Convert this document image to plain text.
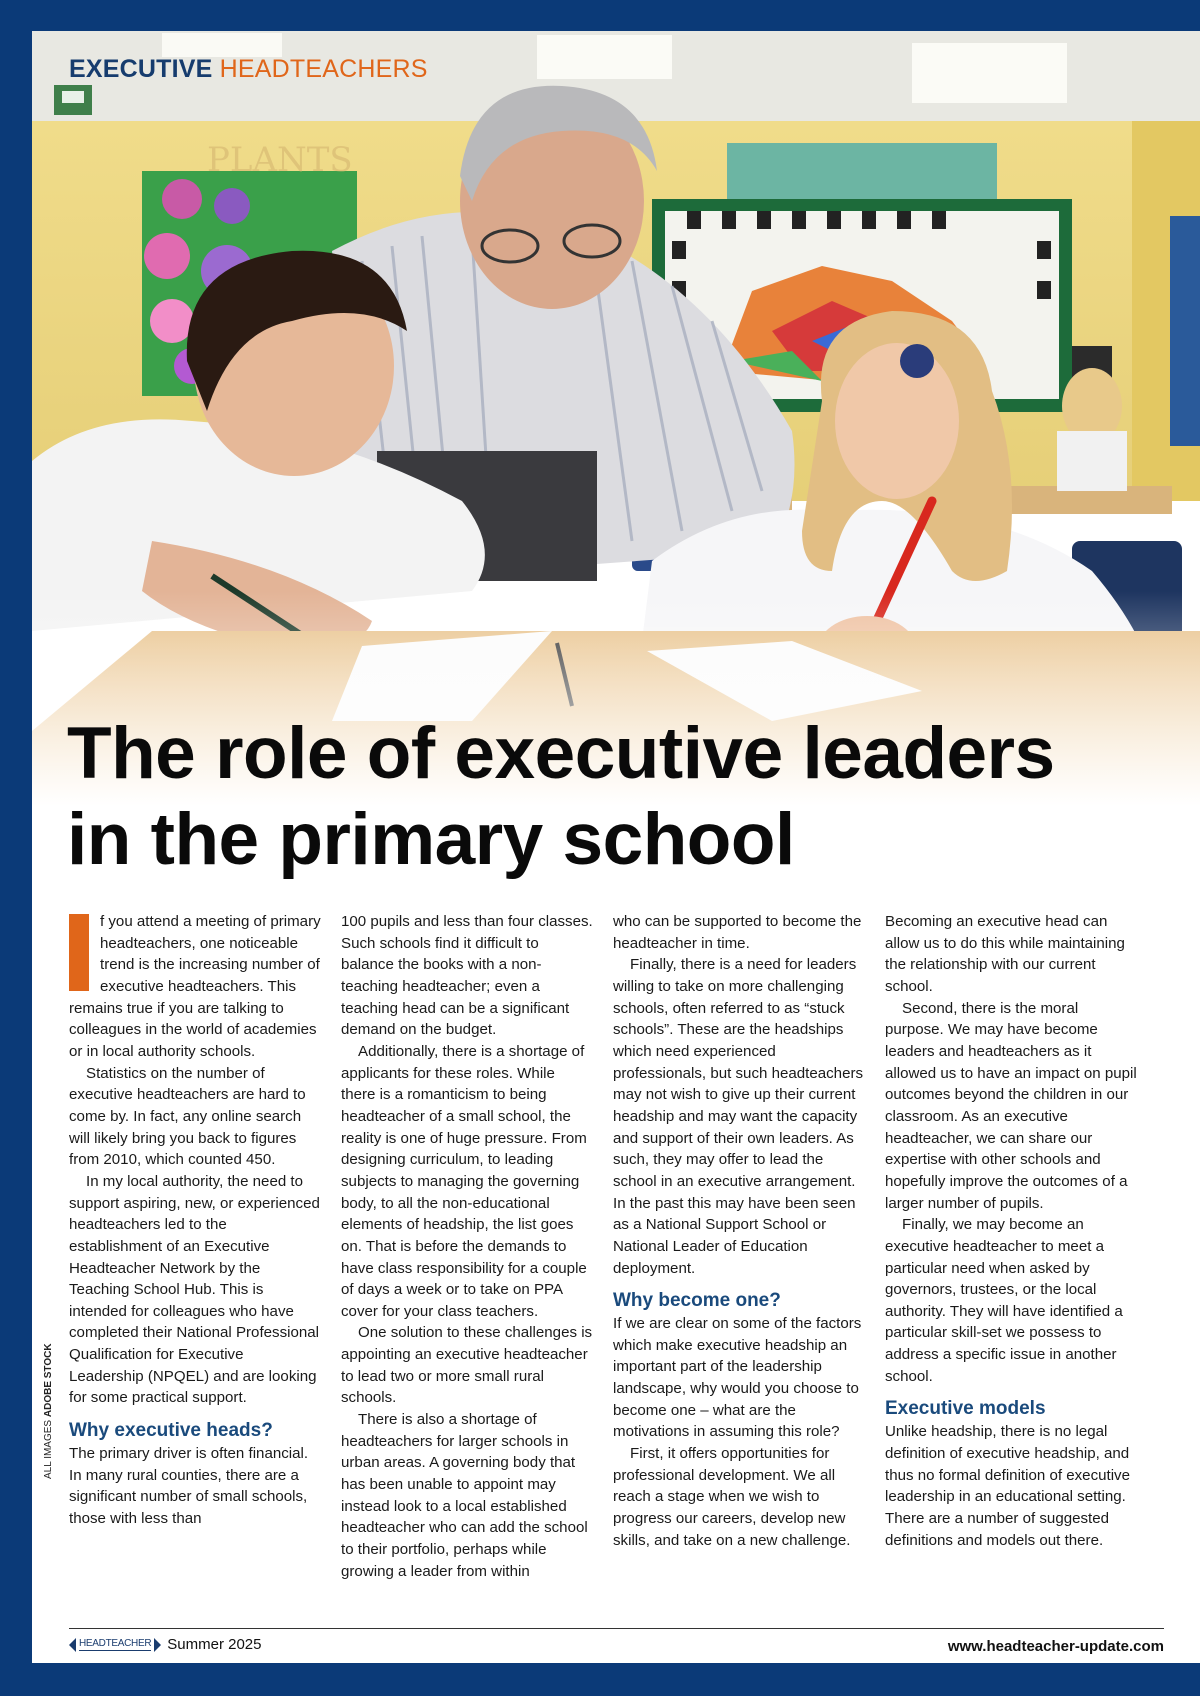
PLANTS
EXECUTIVE HEADTEACHERS
The role of executive leaders
in the primary school

I	f you attend a meeting of primary headteachers, one noticeable trend is the increasing number of executive headteachers. This remains true if you are talking to colleagues in the world of academies or in local authority schools.

Statistics on the number of executive headteachers are hard to come by. In fact, any online search will likely bring you back to figures from 2010, which counted 450.

In my local authority, the need to support aspiring, new, or experienced headteachers led to the establishment of an Executive Headteacher Network by the Teaching School Hub. This is intended for colleagues who have completed their National Professional Qualification for Executive Leadership (NPQEL) and are looking for some practical support.

Why executive heads?

The primary driver is often financial. In many rural counties, there are a significant number of small schools, those with less than

100 pupils and less than four classes. Such schools find it difficult to balance the books with a non-teaching headteacher; even a teaching head can be a significant demand on the budget.

Additionally, there is a shortage of applicants for these roles. While there is a romanticism to being headteacher of a small school, the reality is one of huge pressure. From designing curriculum, to leading subjects to managing the governing body, to all the non-educational elements of headship, the list goes on. That is before the demands to have class responsibility for a couple of days a week or to take on PPA cover for your class teachers.

One solution to these challenges is appointing an executive headteacher to lead two or more small rural schools.

There is also a shortage of headteachers for larger schools in urban areas. A governing body that has been unable to appoint may instead look to a local established headteacher who can add the school to their portfolio, perhaps while growing a leader from within

who can be supported to become the headteacher in time.

Finally, there is a need for leaders willing to take on more challenging schools, often referred to as “stuck schools”. These are the headships which need experienced professionals, but such headteachers may not wish to give up their current headship and may want the capacity and support of their own leaders. As such, they may offer to lead the school in an executive arrangement. In the past this may have been seen as a National Support School or National Leader of Education deployment.

Why become one?

If we are clear on some of the factors which make executive headship an important part of the leadership landscape, why would you choose to become one – what are the motivations in assuming this role?

First, it offers opportunities for professional development. We all reach a stage when we wish to progress our careers, develop new skills, and take on a new challenge.

Becoming an executive head can allow us to do this while maintaining the relationship with our current school.

Second, there is the moral purpose. We may have become leaders and headteachers as it allowed us to have an impact on pupil outcomes beyond the children in our classroom. As an executive headteacher, we can share our expertise with other schools and hopefully improve the outcomes of a larger number of pupils.

Finally, we may become an executive headteacher to meet a particular need when asked by governors, trustees, or the local authority. They will have identified a particular skill-set we possess to address a specific issue in another school.

Executive models

Unlike headship, there is no legal definition of executive headship, and thus no formal definition of executive leadership in an educational setting. There are a number of suggested definitions and models out there.

ALL IMAGES ADOBE STOCK
HEADTEACHER Summer 2025	www.headteacher-update.com
